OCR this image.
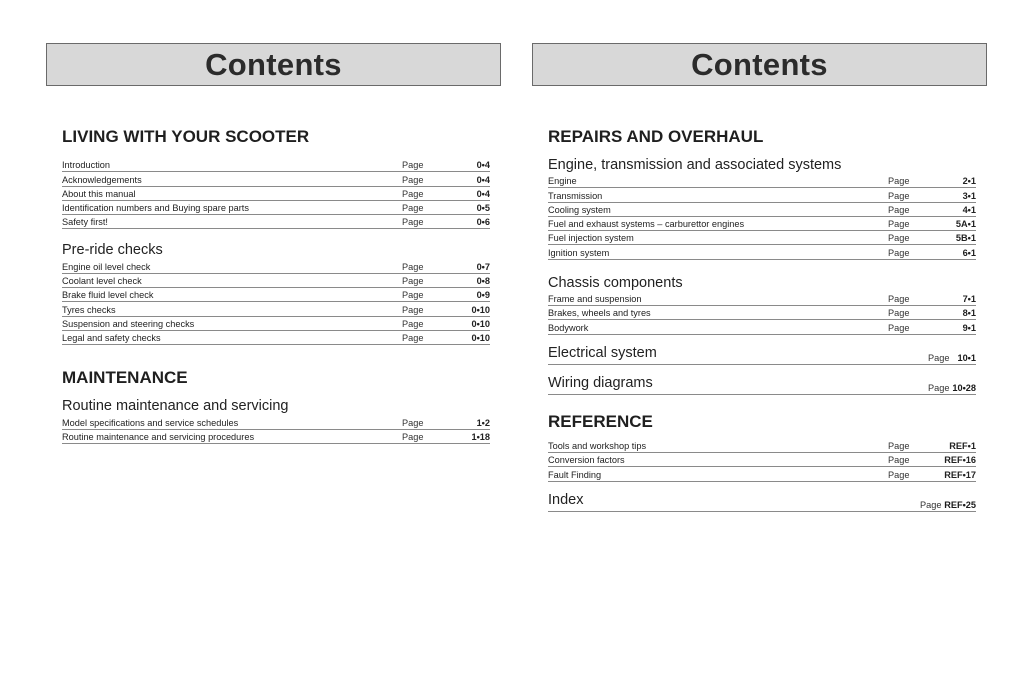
Contents
LIVING WITH YOUR SCOOTER
Introduction	Page	0•4
Acknowledgements	Page	0•4
About this manual	Page	0•4
Identification numbers and Buying spare parts	Page	0•5
Safety first!	Page	0•6
Pre-ride checks
Engine oil level check	Page	0•7
Coolant level check	Page	0•8
Brake fluid level check	Page	0•9
Tyres checks	Page	0•10
Suspension and steering checks	Page	0•10
Legal and safety checks	Page	0•10
MAINTENANCE
Routine maintenance and servicing
Model specifications and service schedules	Page	1•2
Routine maintenance and servicing procedures	Page	1•18
Contents
REPAIRS AND OVERHAUL
Engine, transmission and associated systems
Engine	Page	2•1
Transmission	Page	3•1
Cooling system	Page	4•1
Fuel and exhaust systems – carburettor engines	Page	5A•1
Fuel injection system	Page	5B•1
Ignition system	Page	6•1
Chassis components
Frame and suspension	Page	7•1
Brakes, wheels and tyres	Page	8•1
Bodywork	Page	9•1
Electrical system	Page 10•1
Wiring diagrams	Page 10•28
REFERENCE
Tools and workshop tips	Page	REF•1
Conversion factors	Page	REF•16
Fault Finding	Page	REF•17
Index	Page REF•25
